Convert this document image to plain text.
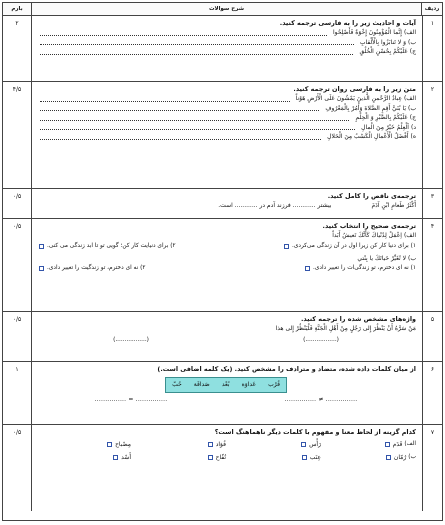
ردیف
شرح سوالات
بارم
۱
آیات و احادیث زیر را به فارسی ترجمه کنید.
الف)
إِنَّما الْمُؤْمِنُونَ إِخْوَةٌ فَأَصْلِحُوا
ب)
وَ لا تَنابَزُوا بِالْأَلْقابِ
ج)
عَلَيْكُمْ بِحُسْنِ الْخُلُقِ
۲
۲
متن زیر را به فارسی روان ترجمه کنید.
الف)
عِبادُ الرَّحْمنِ الَّذينَ يَمْشُونَ عَلَى الْأَرْضِ هَوْناً
ب)
يَا بُنَيَّ أَقِمِ الصَّلاةَ وَأْمُرْ بِالْمَعْرُوفِ
ج)
عَلَيْكُمْ بِالصَّبْرِ وَ الْحِلْمِ
د)
اَلْعِلْمُ خَيْرٌ مِنَ الْمالِ
ه)
أَفْضَلُ الْأَعْمالِ الْكَسْبُ مِنَ الْحَلالِ
۴/۵
۳
ترجمه‌ی ناقص را کامل کنید.
أَكْثَرُ طَعامِ ابْنِ آدَمَ
بیشتر ............ فرزند آدم در ............ است.
۰/۵
۴
ترجمه‌ی صحیح را انتخاب کنید.
الف)
اِعْمَلْ لِدُنْياكَ كَأَنَّكَ تَعيشُ أَبَداً
۱) برای دنیا کار کن زیرا اول در آن زندگی می‌کردی.
۲) برای دنیایت کار کن؛ گویی تو تا ابد زندگی می کنی.
ب)
لا تُغَيِّرْ حَياتَكَ يا بِنْتي
۱) نه ای دخترم، تو زندگی‌ات را تغییر دادی.
۲) نه ای دخترم، تو زندگیت را تغییر دادی.
۰/۵
۵
واژه‌های مشخص شده را ترجمه کنید.
مَنْ سَرَّهُ أَنْ يَنْظُرَ إِلى رَجُلٍ مِنْ أَهْلِ الْجَنَّةِ فَلْيَنْظُرْ إِلى هذا
(.................)
(.................)
۰/۵
۶
از میان کلمات داده شده، متضاد و مترادف را مشخص کنید. (یک کلمه اضافی است.)
قُرْب
عَداوَة
بُعْد
صَداقَة
حُبّ
............... = ...............	............... ≠ ...............
۱
۷
کدام گزینه از لحاظ معنا و مفهوم با کلمات دیگر ناهماهنگ است؟
الف)
قَدَم
رَأْس
فُؤاد
مِصْباح
ب)
رُمّان
عِنَب
تُفّاح
أَسْد
۰/۵
